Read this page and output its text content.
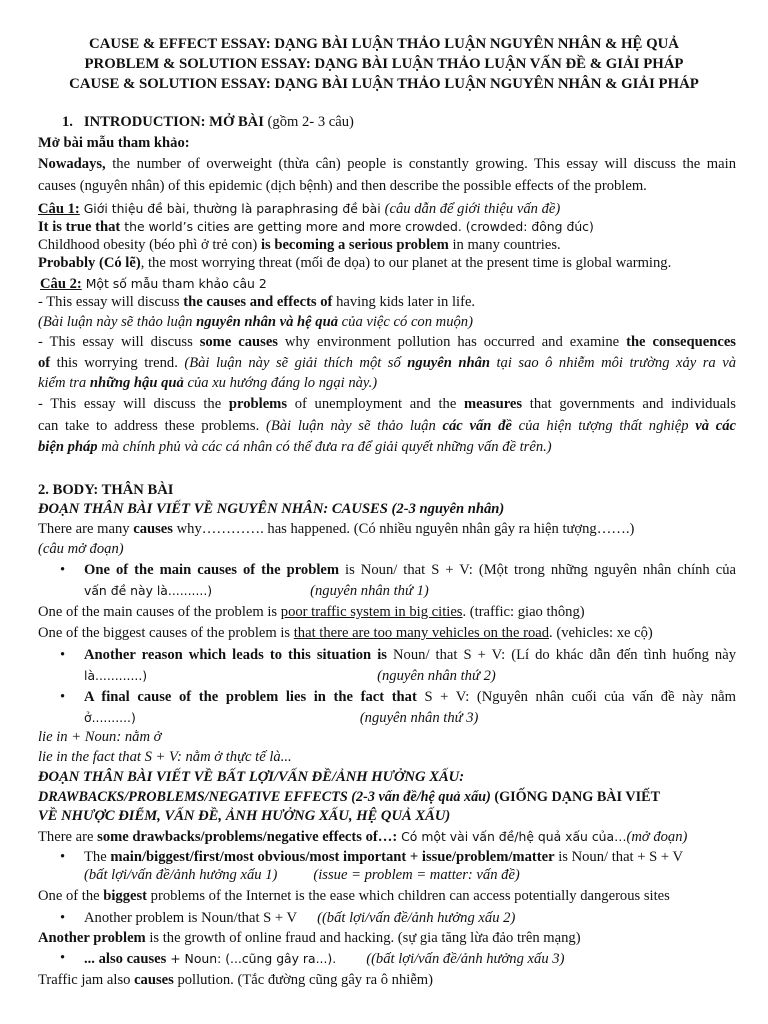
CAUSE & EFFECT ESSAY: DẠNG BÀI LUẬN THẢO LUẬN NGUYÊN NHÂN & HỆ QUẢ
PROBLEM & SOLUTION ESSAY: DẠNG BÀI LUẬN THẢO LUẬN VẤN ĐỀ & GIẢI PHÁP
CAUSE & SOLUTION ESSAY: DẠNG BÀI LUẬN THẢO LUẬN NGUYÊN NHÂN & GIẢI PHÁP
1. INTRODUCTION: MỞ BÀI (gồm 2- 3 câu)
Mở bài mẫu tham khảo:
Nowadays, the number of overweight (thừa cân) people is constantly growing. This essay will discuss the main
causes (nguyên nhân) of this epidemic (dịch bệnh) and then describe the possible effects of the problem.
Câu 1: Giới thiệu đề bài, thường là paraphrasing đề bài (câu dẫn để giới thiệu vấn đề)
It is true that the world’s cities are getting more and more crowded. (crowded: đông đúc)
Childhood obesity (béo phì ở trẻ con) is becoming a serious problem in many countries.
Probably (Có lẽ), the most worrying threat (mối đe dọa) to our planet at the present time is global warming.
Câu 2: Một số mẫu tham khảo câu 2
- This essay will discuss the causes and effects of having kids later in life.
(Bài luận này sẽ thảo luận nguyên nhân và hệ quả của việc có con muộn)
- This essay will discuss some causes why environment pollution has occurred and examine the consequences
of this worrying trend. (Bài luận này sẽ giải thích một số nguyên nhân tại sao ô nhiễm môi trường xảy ra và
kiểm tra những hậu quả của xu hướng đáng lo ngại này.)
- This essay will discuss the problems of unemployment and the measures that governments and individuals
can take to address these problems. (Bài luận này sẽ thảo luận các vấn đề của hiện tượng thất nghiệp và các
biện pháp mà chính phủ và các cá nhân có thể đưa ra để giải quyết những vấn đề trên.)
2. BODY: THÂN BÀI
ĐOẠN THÂN BÀI VIẾT VỀ NGUYÊN NHÂN: CAUSES (2-3 nguyên nhân)
There are many causes why…………. has happened. (Có nhiều nguyên nhân gây ra hiện tượng…….)
(câu mở đoạn)
•	One of the main causes of the problem is Noun/ that S + V: (Một trong những nguyên nhân chính của
vấn đề này là..........)	(nguyên nhân thứ 1)
One of the main causes of the problem is poor traffic system in big cities. (traffic: giao thông)
One of the biggest causes of the problem is that there are too many vehicles on the road. (vehicles: xe cộ)
•	Another reason which leads to this situation is Noun/ that S + V: (Lí do khác dẫn đến tình huống này
là............)	(nguyên nhân thứ 2)
•	A final cause of the problem lies in the fact that S + V: (Nguyên nhân cuối của vấn đề này nằm
ở..........)	(nguyên nhân thứ 3)
lie in + Noun: nằm ở
lie in the fact that S + V: nằm ở thực tế là...
ĐOẠN THÂN BÀI VIẾT VỀ BẤT LỢI/VẤN ĐỀ/ẢNH HƯỞNG XẤU:
DRAWBACKS/PROBLEMS/NEGATIVE EFFECTS (2-3 vấn đề/hệ quả xấu) (GIỐNG DẠNG BÀI VIẾT
VỀ NHƯỢC ĐIỂM, VẤN ĐỀ, ẢNH HƯỞNG XẤU, HỆ QUẢ XẤU)
There are some drawbacks/problems/negative effects of…: Có một vài vấn đề/hệ quả xấu của…(mở đoạn)
•	The main/biggest/first/most obvious/most important + issue/problem/matter is Noun/ that + S + V
(bất lợi/vấn đề/ảnh hưởng xấu 1) (issue = problem = matter: vấn đề)
One of the biggest problems of the Internet is the ease which children can access potentially dangerous sites
•	Another problem is Noun/that S + V ((bất lợi/vấn đề/ảnh hưởng xấu 2)
Another problem is the growth of online fraud and hacking. (sự gia tăng lừa đảo trên mạng)
•	... also causes + Noun: (...cũng gây ra...). ((bất lợi/vấn đề/ảnh hưởng xấu 3)
Traffic jam also causes pollution. (Tắc đường cũng gây ra ô nhiễm)
